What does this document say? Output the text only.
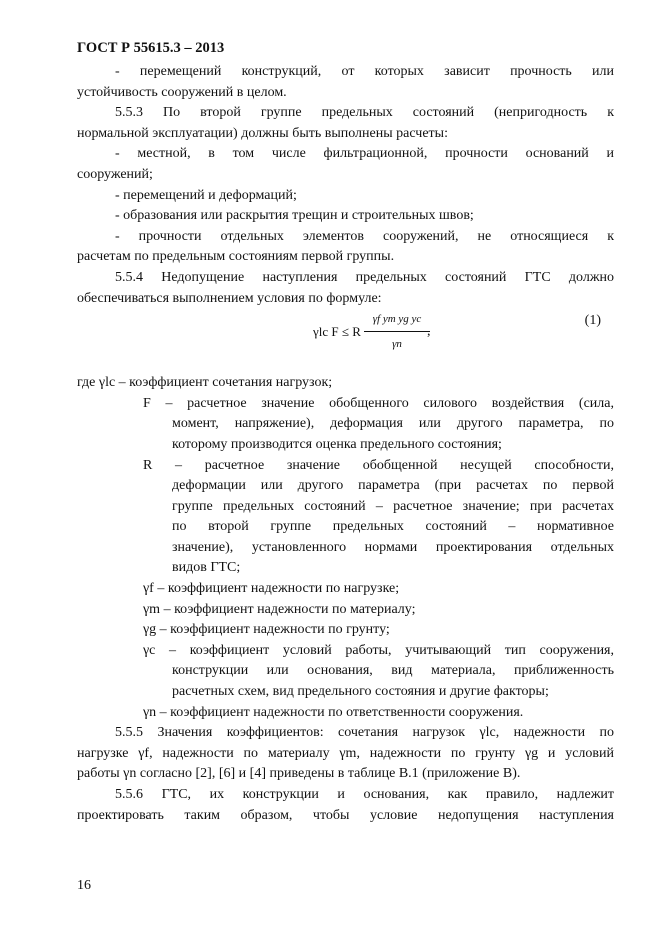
ГОСТ Р 55615.3 – 2013

- перемещений конструкций, от которых зависит прочность или

устойчивость сооружений в целом.

5.5.3 По второй группе предельных состояний (непригодность к

нормальной эксплуатации) должны быть выполнены расчеты:

- местной, в том числе фильтрационной, прочности оснований и

сооружений;

- перемещений и деформаций;

- образования или раскрытия трещин и строительных швов;

- прочности отдельных элементов сооружений, не относящиеся к

расчетам по предельным состояниям первой группы.

5.5.4 Недопущение наступления предельных состояний ГТС должно

обеспечиваться выполнением условия по формуле:

γlc F ≤ R $\frac{\text{γf ym yg yc}}{\gamma n}$
,
(1)

где γlc – коэффициент сочетания нагрузок;

F – расчетное значение обобщенного силового воздействия (сила,

момент, напряжение), деформация или другого параметра, по

которому производится оценка предельного состояния;

R – расчетное значение обобщенной несущей способности,

деформации или другого параметра (при расчетах по первой

группе предельных состояний – расчетное значение; при расчетах

по второй группе предельных состояний – нормативное

значение), установленного нормами проектирования отдельных

видов ГТС;

γf – коэффициент надежности по нагрузке;

γm – коэффициент надежности по материалу;

γg – коэффициент надежности по грунту;

γc – коэффициент условий работы, учитывающий тип сооружения,

конструкции или основания, вид материала, приближенность

расчетных схем, вид предельного состояния и другие факторы;

γn – коэффициент надежности по ответственности сооружения.

5.5.5 Значения коэффициентов: сочетания нагрузок γlc, надежности по

нагрузке γf, надежности по материалу γm, надежности по грунту γg и условий

работы γn согласно [2], [6] и [4] приведены в таблице В.1 (приложение В).

5.5.6 ГТС, их конструкции и основания, как правило, надлежит

проектировать таким образом, чтобы условие недопущения наступления

16
